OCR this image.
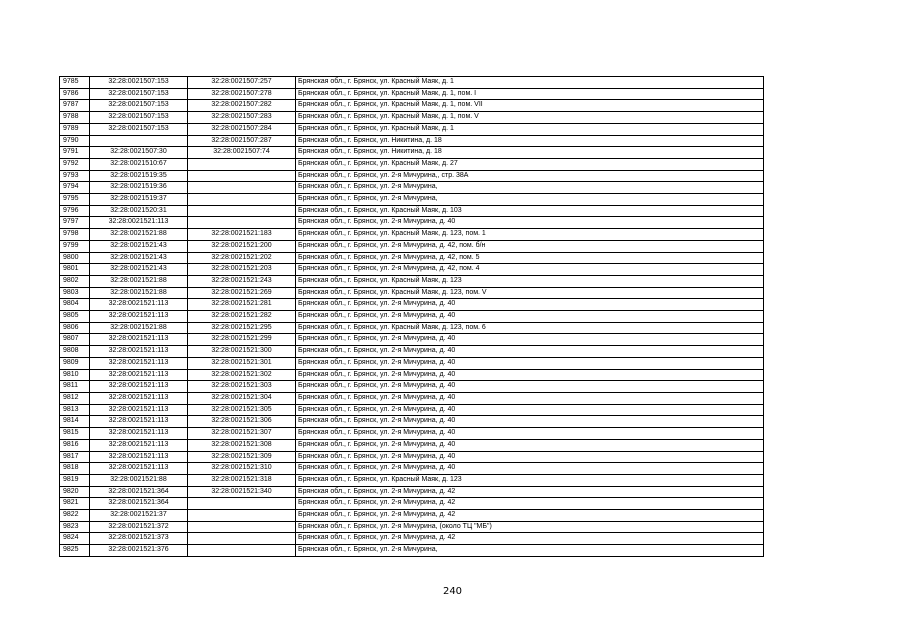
9785	32:28:0021507:153	32:28:0021507:257	Брянская обл., г. Брянск, ул. Красный Маяк, д. 1
9786	32:28:0021507:153	32:28:0021507:278	Брянская обл., г. Брянск, ул. Красный Маяк, д. 1, пом. I
9787	32:28:0021507:153	32:28:0021507:282	Брянская обл., г. Брянск, ул. Красный Маяк, д. 1, пом. VII
9788	32:28:0021507:153	32:28:0021507:283	Брянская обл., г. Брянск, ул. Красный Маяк, д. 1, пом. V
9789	32:28:0021507:153	32:28:0021507:284	Брянская обл., г. Брянск, ул. Красный Маяк, д. 1
9790		32:28:0021507:287	Брянская обл., г. Брянск, ул. Никитина, д. 18
9791	32:28:0021507:30	32:28:0021507:74	Брянская обл., г. Брянск, ул. Никитина, д. 18
9792	32:28:0021510:67		Брянская обл., г. Брянск, ул. Красный Маяк, д. 27
9793	32:28:0021519:35		Брянская обл., г. Брянск, ул. 2-я Мичурина,, стр. 38А
9794	32:28:0021519:36		Брянская обл., г. Брянск, ул. 2-я Мичурина,
9795	32:28:0021519:37		Брянская обл., г. Брянск, ул. 2-я Мичурина,
9796	32:28:0021520:31		Брянская обл., г. Брянск, ул. Красный Маяк, д. 103
9797	32:28:0021521:113		Брянская обл., г. Брянск, ул. 2-я Мичурина, д. 40
9798	32:28:0021521:88	32:28:0021521:183	Брянская обл., г. Брянск, ул. Красный Маяк, д. 123, пом. 1
9799	32:28:0021521:43	32:28:0021521:200	Брянская обл., г. Брянск, ул. 2-я Мичурина, д. 42, пом. б/н
9800	32:28:0021521:43	32:28:0021521:202	Брянская обл., г. Брянск, ул. 2-я Мичурина, д. 42, пом. 5
9801	32:28:0021521:43	32:28:0021521:203	Брянская обл., г. Брянск, ул. 2-я Мичурина, д. 42, пом. 4
9802	32:28:0021521:88	32:28:0021521:243	Брянская обл., г. Брянск, ул. Красный Маяк, д. 123
9803	32:28:0021521:88	32:28:0021521:269	Брянская обл., г. Брянск, ул. Красный Маяк, д. 123, пом. V
9804	32:28:0021521:113	32:28:0021521:281	Брянская обл., г. Брянск, ул. 2-я Мичурина, д. 40
9805	32:28:0021521:113	32:28:0021521:282	Брянская обл., г. Брянск, ул. 2-я Мичурина, д. 40
9806	32:28:0021521:88	32:28:0021521:295	Брянская обл., г. Брянск, ул. Красный Маяк, д. 123, пом. 6
9807	32:28:0021521:113	32:28:0021521:299	Брянская обл., г. Брянск, ул. 2-я Мичурина, д. 40
9808	32:28:0021521:113	32:28:0021521:300	Брянская обл., г. Брянск, ул. 2-я Мичурина, д. 40
9809	32:28:0021521:113	32:28:0021521:301	Брянская обл., г. Брянск, ул. 2-я Мичурина, д. 40
9810	32:28:0021521:113	32:28:0021521:302	Брянская обл., г. Брянск, ул. 2-я Мичурина, д. 40
9811	32:28:0021521:113	32:28:0021521:303	Брянская обл., г. Брянск, ул. 2-я Мичурина, д. 40
9812	32:28:0021521:113	32:28:0021521:304	Брянская обл., г. Брянск, ул. 2-я Мичурина, д. 40
9813	32:28:0021521:113	32:28:0021521:305	Брянская обл., г. Брянск, ул. 2-я Мичурина, д. 40
9814	32:28:0021521:113	32:28:0021521:306	Брянская обл., г. Брянск, ул. 2-я Мичурина, д. 40
9815	32:28:0021521:113	32:28:0021521:307	Брянская обл., г. Брянск, ул. 2-я Мичурина, д. 40
9816	32:28:0021521:113	32:28:0021521:308	Брянская обл., г. Брянск, ул. 2-я Мичурина, д. 40
9817	32:28:0021521:113	32:28:0021521:309	Брянская обл., г. Брянск, ул. 2-я Мичурина, д. 40
9818	32:28:0021521:113	32:28:0021521:310	Брянская обл., г. Брянск, ул. 2-я Мичурина, д. 40
9819	32:28:0021521:88	32:28:0021521:318	Брянская обл., г. Брянск, ул. Красный Маяк, д. 123
9820	32:28:0021521:364	32:28:0021521:340	Брянская обл., г. Брянск, ул. 2-я Мичурина, д. 42
9821	32:28:0021521:364		Брянская обл., г. Брянск, ул. 2-я Мичурина, д. 42
9822	32:28:0021521:37		Брянская обл., г. Брянск, ул. 2-я Мичурина, д. 42
9823	32:28:0021521:372		Брянская обл., г. Брянск, ул. 2-я Мичурина, (около ТЦ "МБ")
9824	32:28:0021521:373		Брянская обл., г. Брянск, ул. 2-я Мичурина, д. 42
9825	32:28:0021521:376		Брянская обл., г. Брянск, ул. 2-я Мичурина,
240
